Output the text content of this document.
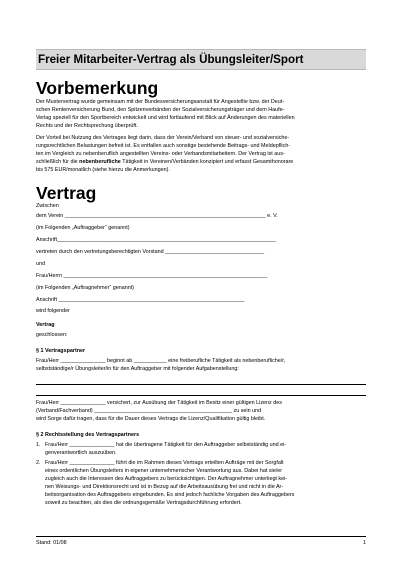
Freier Mitarbeiter-Vertrag als Übungsleiter/Sport
Vorbemerkung
Der Mustervertrag wurde gemeinsam mit der Bundesversicherungsanstalt für Angestellte bzw. der Deut-
schen Rentenversicherung Bund, den Spitzenverbänden der Sozialversicherungsträger und dem Haufe-
Verlag speziell für den Sportbereich entwickelt und wird fortlaufend mit Blick auf Änderungen des materiellen
Rechts und der Rechtsprechung überprüft.
Der Vorteil bei Nutzung des Vertrages liegt darin, dass der Verein/Verband von steuer- und sozialversiche-
rungsrechtlichen Belastungen befreit ist. Es entfallen auch sonstige bestehende Beitrags- und Meldepflich-
ten im Vergleich zu nebenberuflich angestellten Vereins- oder Verbandsmitarbeitern. Der Vertrag ist aus-
schließlich für die nebenberufliche Tätigkeit in Vereinen/Verbänden konzipiert und erfasst Gesamthonorare
bis 575 EUR/monatlich (siehe hierzu die Anmerkungen).
Vertrag
Zwischen
dem Verein ___________________________________________________________________ e. V.
(im Folgenden „Auftraggeber“ genannt)
Anschrift_________________________________________________________________________
vertreten durch den vertretungsberechtigten Vorstand _________________________________
und
Frau/Herrn ____________________________________________________________________
(im Folgenden „Auftragnehmer“ genannt)
Anschrift ______________________________________________________________
wird folgender
Vertrag
geschlossen:
§ 1 Vertragspartner
Frau/Herr _______________ beginnt ab ___________ eine freiberufliche Tätigkeit als nebenberufliche/r,
selbstständige/r Übungsleiter/in für den Auftraggeber mit folgender Aufgabenstellung:
Frau/Herr _______________ versichert, zur Ausübung der Tätigkeit im Besitz einer gültigen Lizenz des
(Verband/Fachverband) ______________________________________________ zu sein und
wird Sorge dafür tragen, dass für die Dauer dieses Vertrags die Lizenz/Qualifikation gültig bleibt.
§ 2 Rechtsstellung des Vertragspartners
1. Frau/Herr _______________ hat die übertragene Tätigkeit für den Auftraggeber selbstständig und ei-
genverantwortlich auszuüben.
2. Frau/Herr _______________ führt die im Rahmen dieses Vertrags erteilten Aufträge mit der Sorgfalt
eines ordentlichen Übungsleiters in eigener unternehmerischer Verantwortung aus. Dabei hat sie/er
zugleich auch die Interessen des Auftraggebers zu berücksichtigen. Der Auftragnehmer unterliegt kei-
nen Weisungs- und Direktionsrecht und ist in Bezug auf die Arbeitsausübung frei und nicht in die Ar-
beitsorganisation des Auftraggebers eingebunden. Es sind jedoch fachliche Vorgaben des Auftraggebers
soweit zu beachten, als dies die ordnungsgemäße Vertragsdurchführung erfordert.
Stand: 01/08	1
